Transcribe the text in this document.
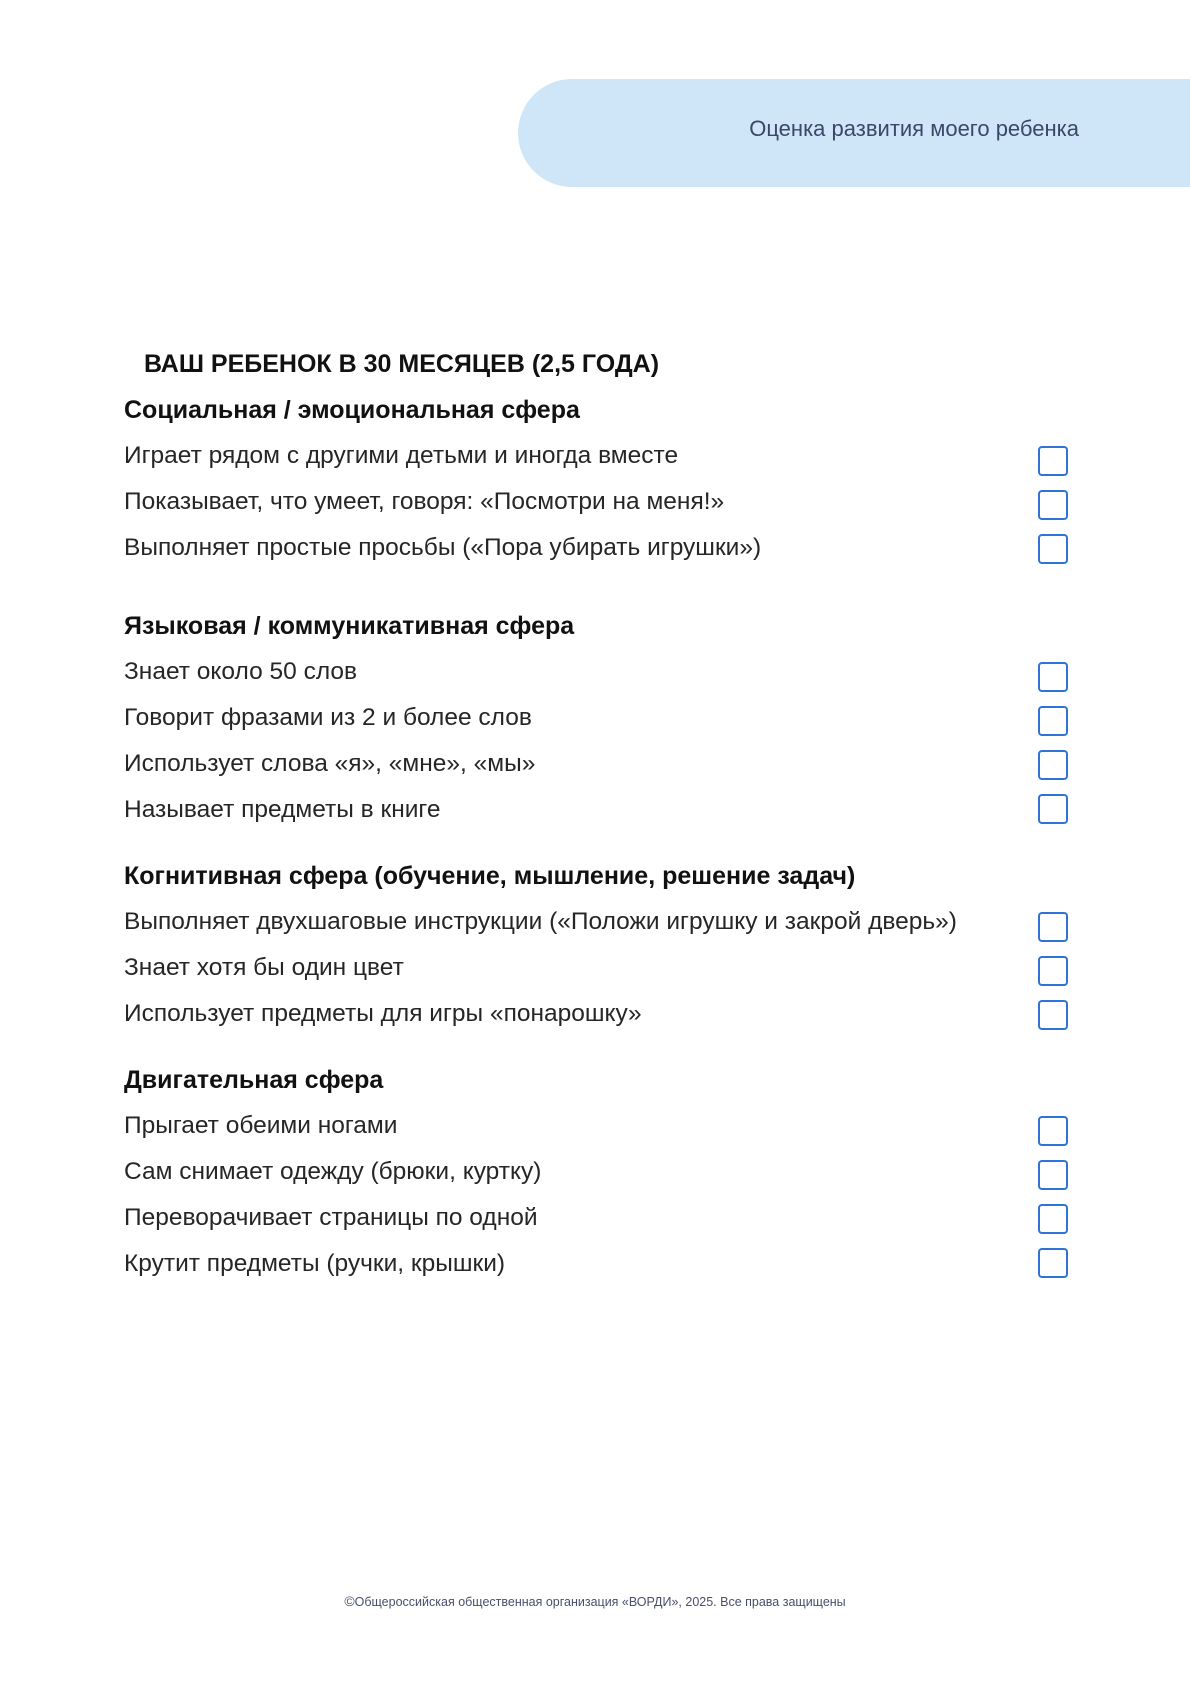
Оценка развития моего ребенка
ВАШ РЕБЕНОК В 30 МЕСЯЦЕВ (2,5 ГОДА)
Социальная / эмоциональная сфера
Играет рядом с другими детьми и иногда вместе
Показывает, что умеет, говоря: «Посмотри на меня!»
Выполняет простые просьбы («Пора убирать игрушки»)
Языковая / коммуникативная сфера
Знает около 50 слов
Говорит фразами из 2 и более слов
Использует слова «я», «мне», «мы»
Называет предметы в книге
Когнитивная сфера (обучение, мышление, решение задач)
Выполняет двухшаговые инструкции («Положи игрушку и закрой дверь»)
Знает хотя бы один цвет
Использует предметы для игры «понарошку»
Двигательная сфера
Прыгает обеими ногами
Сам снимает одежду (брюки, куртку)
Переворачивает страницы по одной
Крутит предметы (ручки, крышки)
©Общероссийская общественная организация «ВОРДИ», 2025. Все права защищены
